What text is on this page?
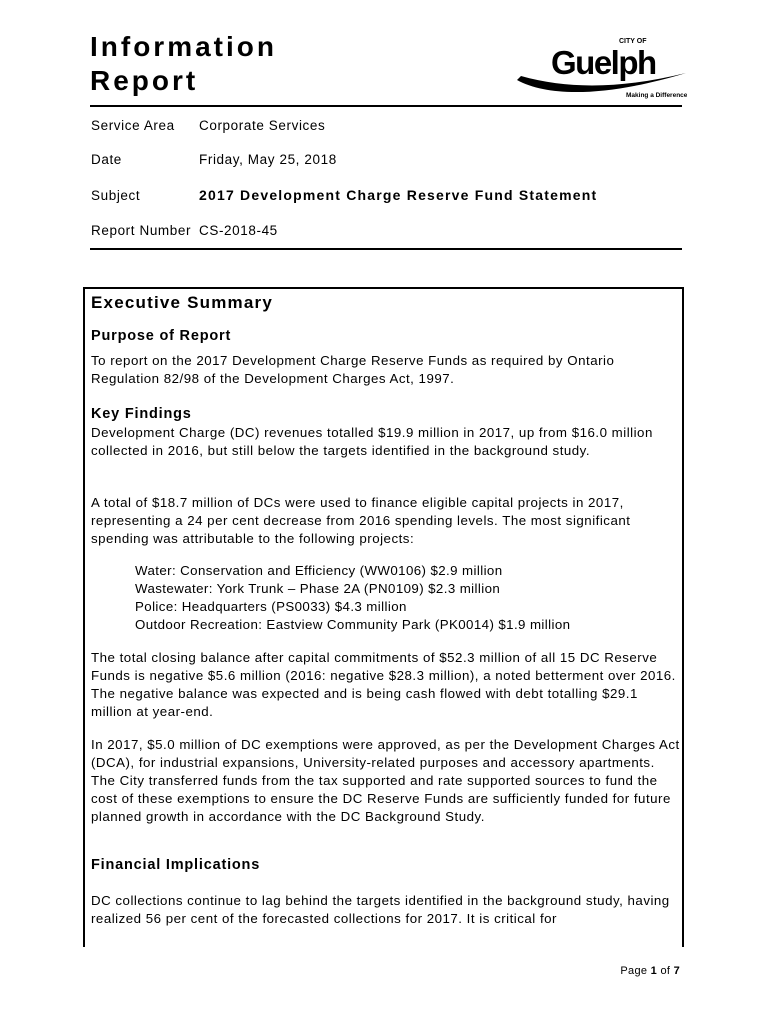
Information
Report
CITY OF
Guelph
Making a Difference
Service Area Corporate Services
Date	Friday, May 25, 2018
Subject	2017 Development Charge Reserve Fund Statement
Report Number CS-2018-45
Executive Summary
Purpose of Report

To report on the 2017 Development Charge Reserve Funds as required by Ontario Regulation 82/98 of the Development Charges Act, 1997.

Key Findings

Development Charge (DC) revenues totalled $19.9 million in 2017, up from $16.0 million collected in 2016, but still below the targets identified in the background study.

A total of $18.7 million of DCs were used to finance eligible capital projects in 2017, representing a 24 per cent decrease from 2016 spending levels. The most significant spending was attributable to the following projects:

Water: Conservation and Efficiency (WW0106) $2.9 million
Wastewater: York Trunk – Phase 2A (PN0109) $2.3 million
Police: Headquarters (PS0033) $4.3 million
Outdoor Recreation: Eastview Community Park (PK0014) $1.9 million

The total closing balance after capital commitments of $52.3 million of all 15 DC Reserve Funds is negative $5.6 million (2016: negative $28.3 million), a noted betterment over 2016. The negative balance was expected and is being cash flowed with debt totalling $29.1 million at year-end.

In 2017, $5.0 million of DC exemptions were approved, as per the Development Charges Act (DCA), for industrial expansions, University-related purposes and accessory apartments. The City transferred funds from the tax supported and rate supported sources to fund the cost of these exemptions to ensure the DC Reserve Funds are sufficiently funded for future planned growth in accordance with the DC Background Study.

Financial Implications

DC collections continue to lag behind the targets identified in the background study, having realized 56 per cent of the forecasted collections for 2017. It is critical for

Page 1 of 7
